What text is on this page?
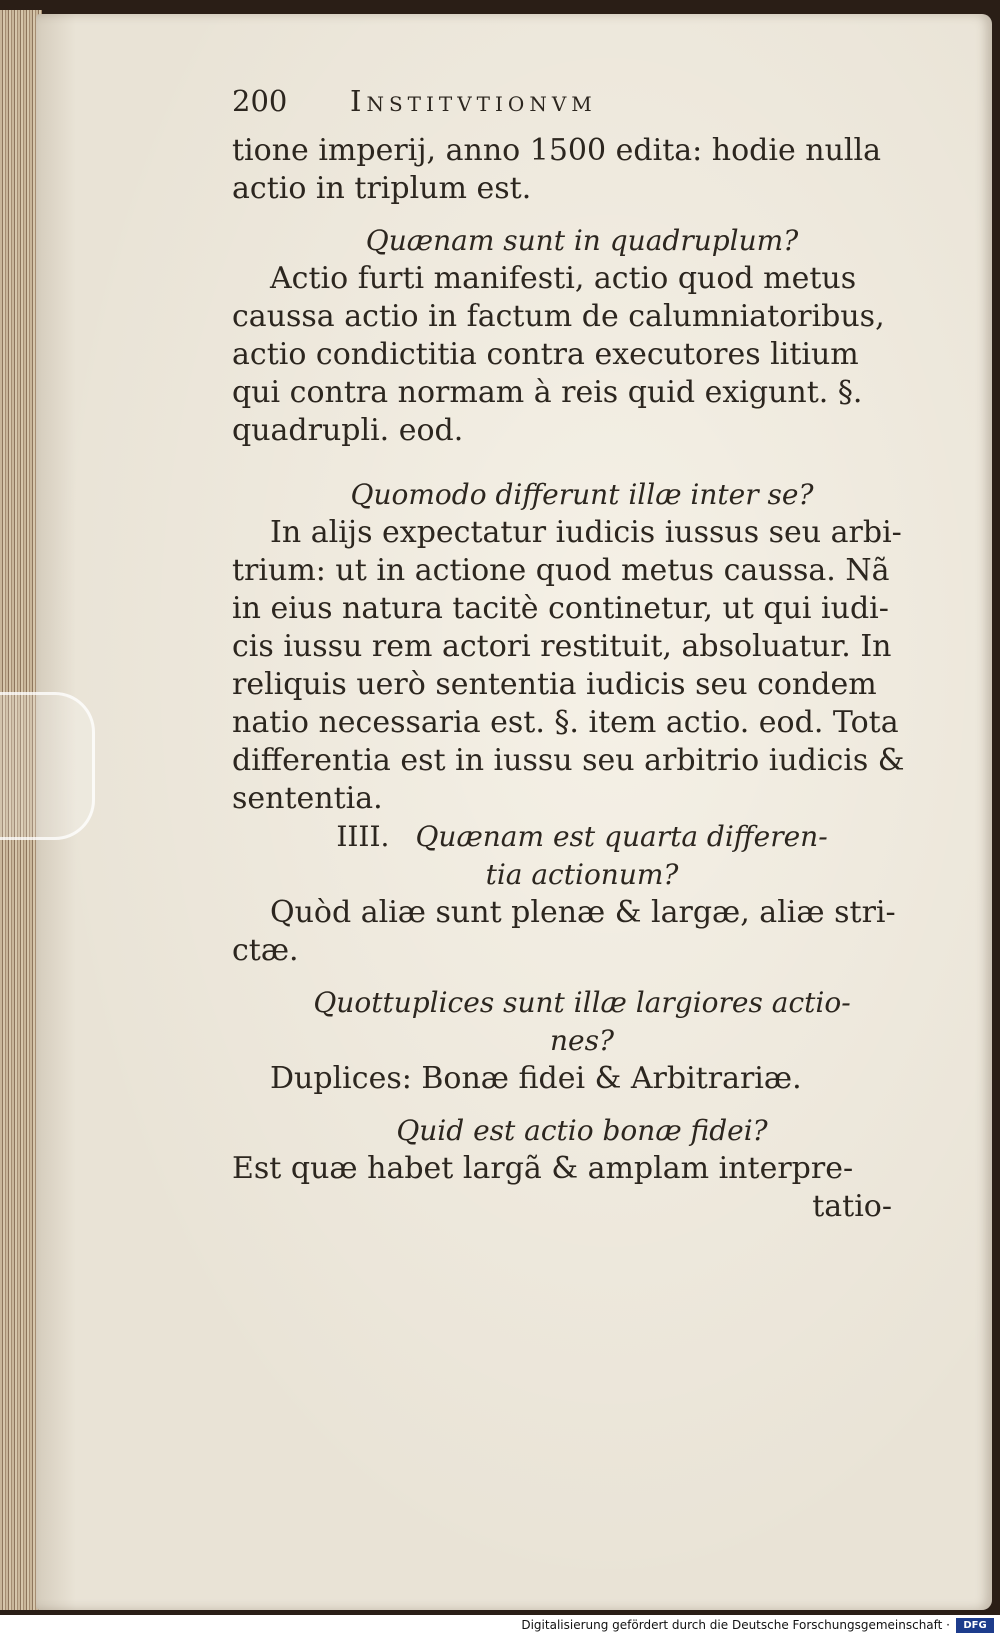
200	Institvtionvm
tione imperij, anno 1500 edita: hodie nulla
actio in triplum est.
Quænam sunt in quadruplum?
Actio furti manifesti, actio quod metus
caussa actio in factum de calumniatoribus,
actio condictitia contra executores litium
qui contra normam à reis quid exigunt. §.
quadrupli. eod.
Quomodo differunt illæ inter se?
In alijs expectatur iudicis iussus seu arbi-
trium: ut in actione quod metus caussa. Nã
in eius natura tacitè continetur, ut qui iudi-
cis iussu rem actori restituit, absoluatur. In
reliquis uerò sententia iudicis seu condem
natio necessaria est. §. item actio. eod. Tota
differentia est in iussu seu arbitrio iudicis &
sententia.
IIII. Quænam est quarta differen-
tia actionum?
Quòd aliæ sunt plenæ & largæ, aliæ stri-
ctæ.
Quottuplices sunt illæ largiores actio-
nes?
Duplices: Bonæ fidei & Arbitrariæ.
Quid est actio bonæ fidei?
Est quæ habet largã & amplam interpre-
tatio-
Digitalisierung gefördert durch die Deutsche Forschungsgemeinschaft ·	DFG
